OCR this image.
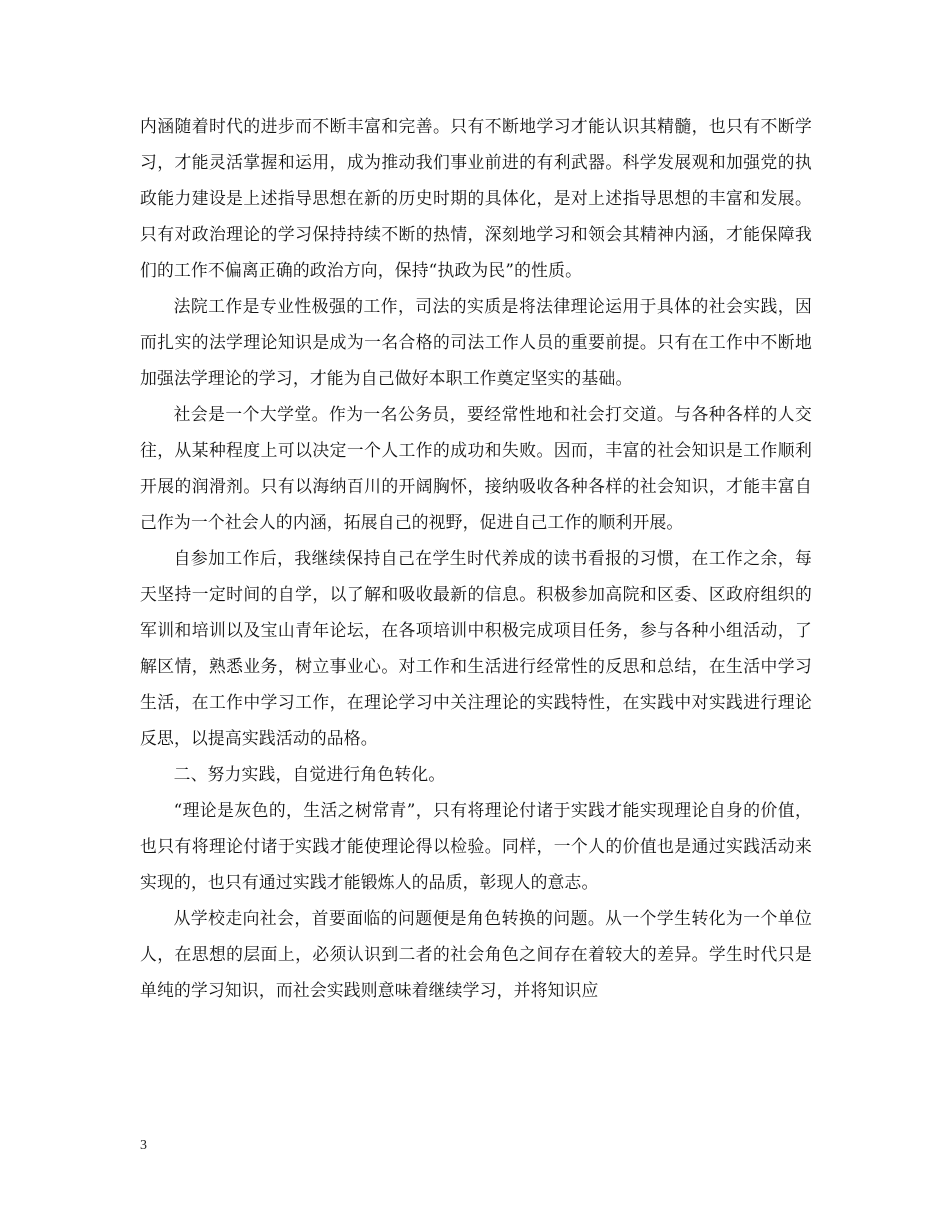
内涵随着时代的进步而不断丰富和完善。只有不断地学习才能认识其精髓，也只有不断学习，才能灵活掌握和运用，成为推动我们事业前进的有利武器。科学发展观和加强党的执政能力建设是上述指导思想在新的历史时期的具体化，是对上述指导思想的丰富和发展。只有对政治理论的学习保持持续不断的热情，深刻地学习和领会其精神内涵，才能保障我们的工作不偏离正确的政治方向，保持“执政为民”的性质。

法院工作是专业性极强的工作，司法的实质是将法律理论运用于具体的社会实践，因而扎实的法学理论知识是成为一名合格的司法工作人员的重要前提。只有在工作中不断地加强法学理论的学习，才能为自己做好本职工作奠定坚实的基础。

社会是一个大学堂。作为一名公务员，要经常性地和社会打交道。与各种各样的人交往，从某种程度上可以决定一个人工作的成功和失败。因而，丰富的社会知识是工作顺利开展的润滑剂。只有以海纳百川的开阔胸怀，接纳吸收各种各样的社会知识，才能丰富自己作为一个社会人的内涵，拓展自己的视野，促进自己工作的顺利开展。

自参加工作后，我继续保持自己在学生时代养成的读书看报的习惯，在工作之余，每天坚持一定时间的自学，以了解和吸收最新的信息。积极参加高院和区委、区政府组织的军训和培训以及宝山青年论坛，在各项培训中积极完成项目任务，参与各种小组活动，了解区情，熟悉业务，树立事业心。对工作和生活进行经常性的反思和总结，在生活中学习生活，在工作中学习工作，在理论学习中关注理论的实践特性，在实践中对实践进行理论反思，以提高实践活动的品格。

二、努力实践，自觉进行角色转化。

“理论是灰色的，生活之树常青”，只有将理论付诸于实践才能实现理论自身的价值，也只有将理论付诸于实践才能使理论得以检验。同样，一个人的价值也是通过实践活动来实现的，也只有通过实践才能锻炼人的品质，彰现人的意志。

从学校走向社会，首要面临的问题便是角色转换的问题。从一个学生转化为一个单位人，在思想的层面上，必须认识到二者的社会角色之间存在着较大的差异。学生时代只是单纯的学习知识，而社会实践则意味着继续学习，并将知识应

3
